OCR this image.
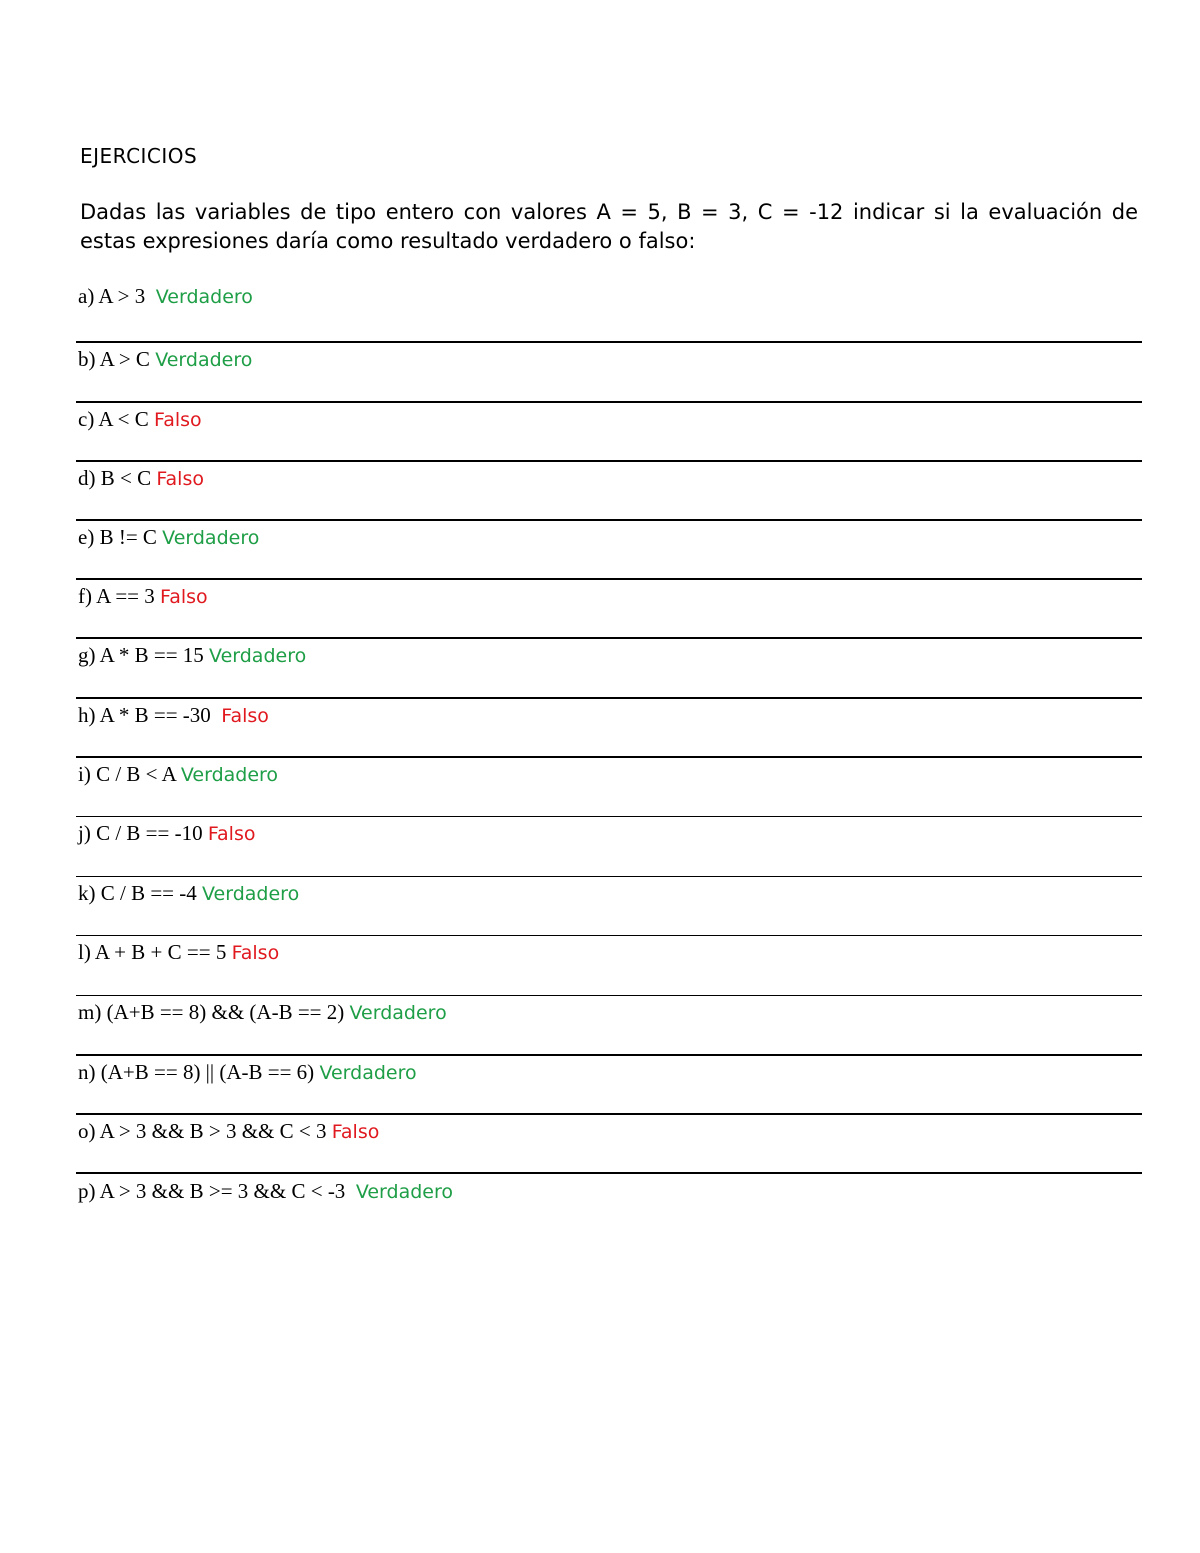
EJERCICIOS
Dadas las variables de tipo entero con valores A = 5, B = 3, C = -12 indicar si la evaluación de estas expresiones daría como resultado verdadero o falso:
a) A > 3  Verdadero
b) A > C Verdadero
c) A < C Falso
d) B < C Falso
e) B != C Verdadero
f) A == 3 Falso
g) A * B == 15 Verdadero
h) A * B == -30  Falso
i) C / B < A Verdadero
j) C / B == -10 Falso
k) C / B == -4 Verdadero
l) A + B + C == 5 Falso
m) (A+B == 8) && (A-B == 2) Verdadero
n) (A+B == 8) || (A-B == 6) Verdadero
o) A > 3 && B > 3 && C < 3 Falso
p) A > 3 && B >= 3 && C < -3  Verdadero
